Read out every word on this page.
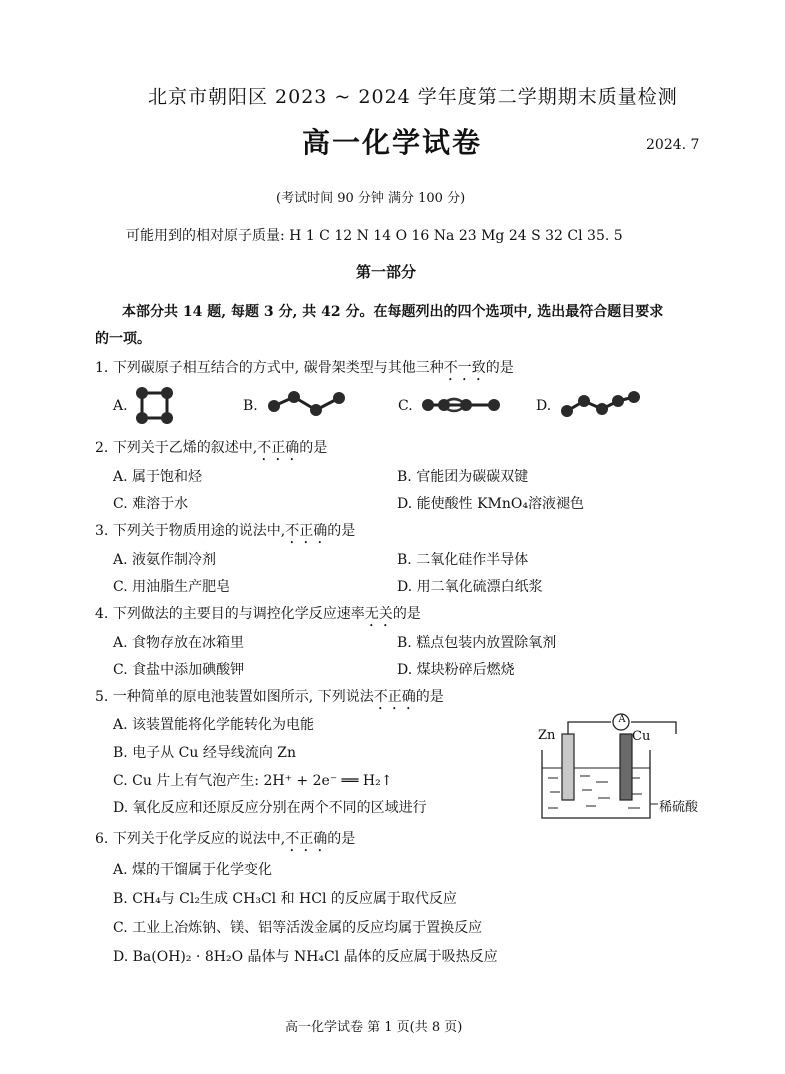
北京市朝阳区 2023 ~ 2024 学年度第二学期期末质量检测
高一化学试卷	2024. 7
(考试时间 90 分钟 满分 100 分)
可能用到的相对原子质量: H 1 C 12 N 14 O 16 Na 23 Mg 24 S 32 Cl 35. 5
第一部分
本部分共 14 题, 每题 3 分, 共 42 分。在每题列出的四个选项中, 选出最符合题目要求
的一项。
1. 下列碳原子相互结合的方式中, 碳骨架类型与其他三种不一致的是
A.	B.	C.	D.
2. 下列关于乙烯的叙述中,不正确的是
A. 属于饱和烃	B. 官能团为碳碳双键
C. 难溶于水	D. 能使酸性 KMnO₄溶液褪色
3. 下列关于物质用途的说法中,不正确的是
A. 液氨作制冷剂	B. 二氧化硅作半导体
C. 用油脂生产肥皂	D. 用二氧化硫漂白纸浆
4. 下列做法的主要目的与调控化学反应速率无关的是
A. 食物存放在冰箱里	B. 糕点包装内放置除氧剂
C. 食盐中添加碘酸钾	D. 煤块粉碎后燃烧
5. 一种简单的原电池装置如图所示, 下列说法不正确的是
A. 该装置能将化学能转化为电能
B. 电子从 Cu 经导线流向 Zn
C. Cu 片上有气泡产生: 2H⁺ + 2e⁻ ══ H₂↑
D. 氧化反应和还原反应分别在两个不同的区域进行
Zn	Cu
A
稀硫酸
6. 下列关于化学反应的说法中,不正确的是
A. 煤的干馏属于化学变化
B. CH₄与 Cl₂生成 CH₃Cl 和 HCl 的反应属于取代反应
C. 工业上冶炼钠、镁、铝等活泼金属的反应均属于置换反应
D. Ba(OH)₂ · 8H₂O 晶体与 NH₄Cl 晶体的反应属于吸热反应
高一化学试卷 第 1 页(共 8 页)
